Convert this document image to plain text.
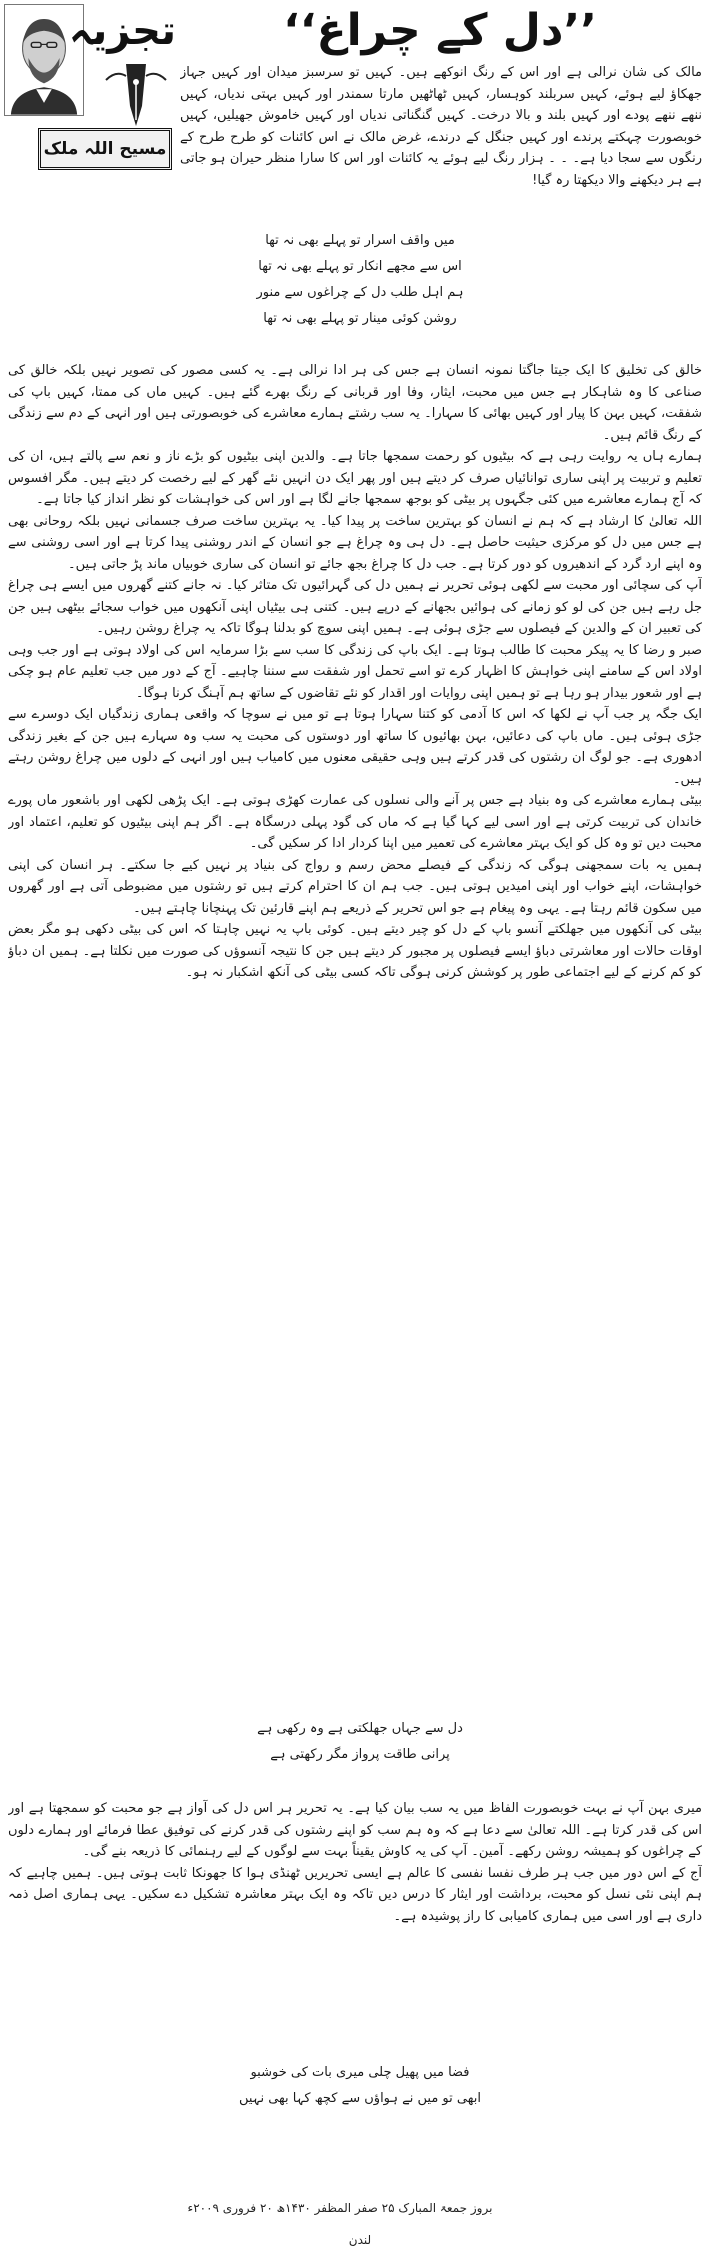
تجزیہ
مسیح اللہ ملک
’’دل کے چراغ‘‘

مالک کی شان نرالی ہے اور اس کے رنگ انوکھے ہیں۔ کہیں تو سرسبز میدان اور کہیں جہاز جھکاؤ لیے ہوئے، کہیں سربلند کوہسار، کہیں ٹھاٹھیں مارتا سمندر اور کہیں بہتی ندیاں، کہیں ننھے ننھے پودے اور کہیں بلند و بالا درخت۔ کہیں گنگناتی ندیاں اور کہیں خاموش جھیلیں، کہیں خوبصورت چہکتے پرندے اور کہیں جنگل کے درندے، غرض مالک نے اس کائنات کو طرح طرح کے رنگوں سے سجا دیا ہے۔ ۔ ۔ ہزار رنگ لیے ہوئے یہ کائنات اور اس کا سارا منظر حیران ہو جاتی ہے ہر دیکھنے والا دیکھتا رہ گیا!

میں واقف اسرار تو پہلے بھی نہ تھا
اس سے مجھے انکار تو پہلے بھی نہ تھا
ہم اہل طلب دل کے چراغوں سے منور
روشن کوئی مینار تو پہلے بھی نہ تھا

خالق کی تخلیق کا ایک جیتا جاگتا نمونہ انسان ہے جس کی ہر ادا نرالی ہے۔ یہ کسی مصور کی تصویر نہیں بلکہ خالق کی صناعی کا وہ شاہکار ہے جس میں محبت، ایثار، وفا اور قربانی کے رنگ بھرے گئے ہیں۔ کہیں ماں کی ممتا، کہیں باپ کی شفقت، کہیں بہن کا پیار اور کہیں بھائی کا سہارا۔ یہ سب رشتے ہمارے معاشرے کی خوبصورتی ہیں اور انہی کے دم سے زندگی کے رنگ قائم ہیں۔

ہمارے ہاں یہ روایت رہی ہے کہ بیٹیوں کو رحمت سمجھا جاتا ہے۔ والدین اپنی بیٹیوں کو بڑے ناز و نعم سے پالتے ہیں، ان کی تعلیم و تربیت پر اپنی ساری توانائیاں صرف کر دیتے ہیں اور پھر ایک دن انہیں نئے گھر کے لیے رخصت کر دیتے ہیں۔ مگر افسوس کہ آج ہمارے معاشرے میں کئی جگہوں پر بیٹی کو بوجھ سمجھا جانے لگا ہے اور اس کی خواہشات کو نظر انداز کیا جاتا ہے۔

اللہ تعالیٰ کا ارشاد ہے کہ ہم نے انسان کو بہترین ساخت پر پیدا کیا۔ یہ بہترین ساخت صرف جسمانی نہیں بلکہ روحانی بھی ہے جس میں دل کو مرکزی حیثیت حاصل ہے۔ دل ہی وہ چراغ ہے جو انسان کے اندر روشنی پیدا کرتا ہے اور اسی روشنی سے وہ اپنے ارد گرد کے اندھیروں کو دور کرتا ہے۔ جب دل کا چراغ بجھ جائے تو انسان کی ساری خوبیاں ماند پڑ جاتی ہیں۔

آپ کی سچائی اور محبت سے لکھی ہوئی تحریر نے ہمیں دل کی گہرائیوں تک متاثر کیا۔ نہ جانے کتنے گھروں میں ایسے ہی چراغ جل رہے ہیں جن کی لو کو زمانے کی ہوائیں بجھانے کے درپے ہیں۔ کتنی ہی بیٹیاں اپنی آنکھوں میں خواب سجائے بیٹھی ہیں جن کی تعبیر ان کے والدین کے فیصلوں سے جڑی ہوئی ہے۔ ہمیں اپنی سوچ کو بدلنا ہوگا تاکہ یہ چراغ روشن رہیں۔

صبر و رضا کا یہ پیکر محبت کا طالب ہوتا ہے۔ ایک باپ کی زندگی کا سب سے بڑا سرمایہ اس کی اولاد ہوتی ہے اور جب وہی اولاد اس کے سامنے اپنی خواہش کا اظہار کرے تو اسے تحمل اور شفقت سے سننا چاہیے۔ آج کے دور میں جب تعلیم عام ہو چکی ہے اور شعور بیدار ہو رہا ہے تو ہمیں اپنی روایات اور اقدار کو نئے تقاضوں کے ساتھ ہم آہنگ کرنا ہوگا۔

ایک جگہ پر جب آپ نے لکھا کہ اس کا آدمی کو کتنا سہارا ہوتا ہے تو میں نے سوچا کہ واقعی ہماری زندگیاں ایک دوسرے سے جڑی ہوئی ہیں۔ ماں باپ کی دعائیں، بہن بھائیوں کا ساتھ اور دوستوں کی محبت یہ سب وہ سہارے ہیں جن کے بغیر زندگی ادھوری ہے۔ جو لوگ ان رشتوں کی قدر کرتے ہیں وہی حقیقی معنوں میں کامیاب ہیں اور انہی کے دلوں میں چراغ روشن رہتے ہیں۔

بیٹی ہمارے معاشرے کی وہ بنیاد ہے جس پر آنے والی نسلوں کی عمارت کھڑی ہوتی ہے۔ ایک پڑھی لکھی اور باشعور ماں پورے خاندان کی تربیت کرتی ہے اور اسی لیے کہا گیا ہے کہ ماں کی گود پہلی درسگاہ ہے۔ اگر ہم اپنی بیٹیوں کو تعلیم، اعتماد اور محبت دیں تو وہ کل کو ایک بہتر معاشرے کی تعمیر میں اپنا کردار ادا کر سکیں گی۔

ہمیں یہ بات سمجھنی ہوگی کہ زندگی کے فیصلے محض رسم و رواج کی بنیاد پر نہیں کیے جا سکتے۔ ہر انسان کی اپنی خواہشات، اپنے خواب اور اپنی امیدیں ہوتی ہیں۔ جب ہم ان کا احترام کرتے ہیں تو رشتوں میں مضبوطی آتی ہے اور گھروں میں سکون قائم رہتا ہے۔ یہی وہ پیغام ہے جو اس تحریر کے ذریعے ہم اپنے قارئین تک پہنچانا چاہتے ہیں۔

بیٹی کی آنکھوں میں جھلکتے آنسو باپ کے دل کو چیر دیتے ہیں۔ کوئی باپ یہ نہیں چاہتا کہ اس کی بیٹی دکھی ہو مگر بعض اوقات حالات اور معاشرتی دباؤ ایسے فیصلوں پر مجبور کر دیتے ہیں جن کا نتیجہ آنسوؤں کی صورت میں نکلتا ہے۔ ہمیں ان دباؤ کو کم کرنے کے لیے اجتماعی طور پر کوشش کرنی ہوگی تاکہ کسی بیٹی کی آنکھ اشکبار نہ ہو۔

دل سے جہاں جھلکتی ہے وہ رکھی ہے
پرانی طاقت پرواز مگر رکھتی ہے

میری بہن آپ نے بہت خوبصورت الفاظ میں یہ سب بیان کیا ہے۔ یہ تحریر ہر اس دل کی آواز ہے جو محبت کو سمجھتا ہے اور اس کی قدر کرتا ہے۔ اللہ تعالیٰ سے دعا ہے کہ وہ ہم سب کو اپنے رشتوں کی قدر کرنے کی توفیق عطا فرمائے اور ہمارے دلوں کے چراغوں کو ہمیشہ روشن رکھے۔ آمین۔ آپ کی یہ کاوش یقیناً بہت سے لوگوں کے لیے رہنمائی کا ذریعہ بنے گی۔

آج کے اس دور میں جب ہر طرف نفسا نفسی کا عالم ہے ایسی تحریریں ٹھنڈی ہوا کا جھونکا ثابت ہوتی ہیں۔ ہمیں چاہیے کہ ہم اپنی نئی نسل کو محبت، برداشت اور ایثار کا درس دیں تاکہ وہ ایک بہتر معاشرہ تشکیل دے سکیں۔ یہی ہماری اصل ذمہ داری ہے اور اسی میں ہماری کامیابی کا راز پوشیدہ ہے۔

فضا میں پھیل چلی میری بات کی خوشبو
ابھی تو میں نے ہواؤں سے کچھ کہا بھی نہیں
بروز جمعۃ المبارک ۲۵ صفر المظفر ۱۴۳۰ھ ۲۰ فروری ۲۰۰۹ء
لندن
